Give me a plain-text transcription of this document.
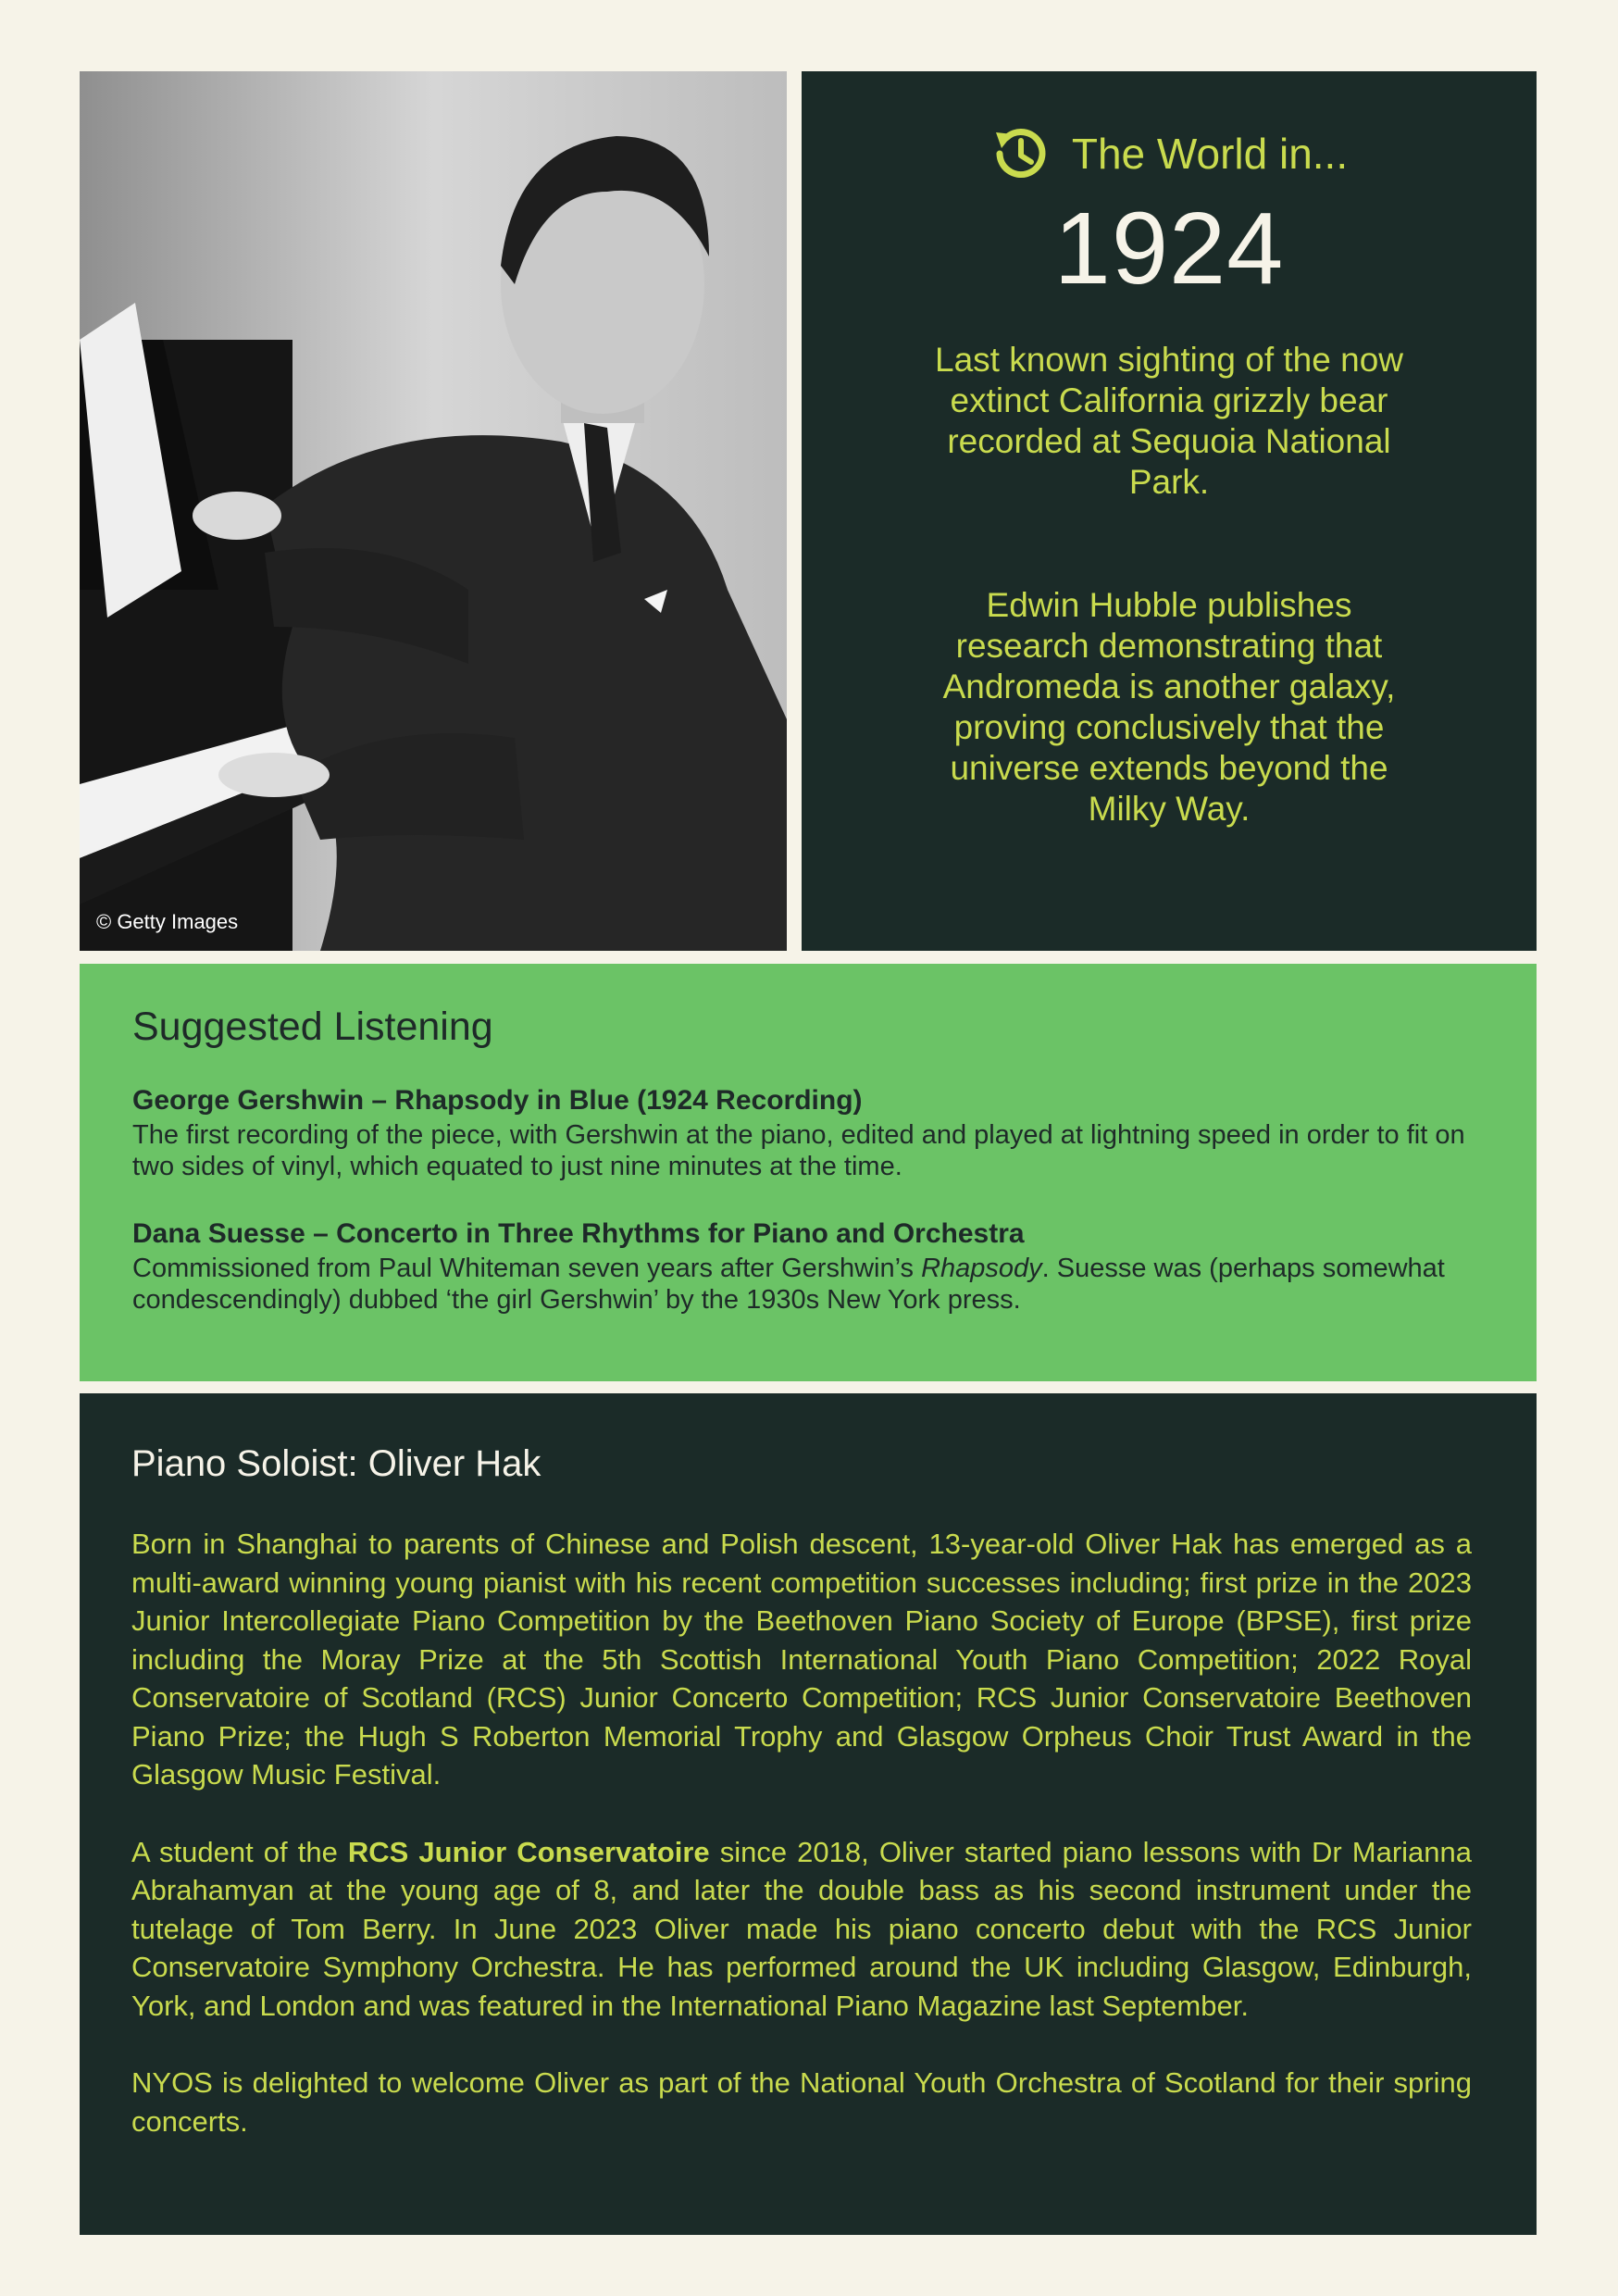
© Getty Images
The World in...
1924
Last known sighting of the now extinct California grizzly bear recorded at Sequoia National Park.
Edwin Hubble publishes research demonstrating that Andromeda is another galaxy, proving conclusively that the universe extends beyond the Milky Way.
Suggested Listening
George Gershwin – Rhapsody in Blue (1924 Recording)
The first recording of the piece, with Gershwin at the piano, edited and played at lightning speed in order to fit on two sides of vinyl, which equated to just nine minutes at the time.
Dana Suesse – Concerto in Three Rhythms for Piano and Orchestra
Commissioned from Paul Whiteman seven years after Gershwin’s Rhapsody. Suesse was (perhaps somewhat condescendingly) dubbed ‘the girl Gershwin’ by the 1930s New York press.
Piano Soloist: Oliver Hak

Born in Shanghai to parents of Chinese and Polish descent, 13-year-old Oliver Hak has emerged as a multi-award winning young pianist with his recent competition successes including; first prize in the 2023 Junior Intercollegiate Piano Competition by the Beethoven Piano Society of Europe (BPSE), first prize including the Moray Prize at the 5th Scottish International Youth Piano Competition; 2022 Royal Conservatoire of Scotland (RCS) Junior Concerto Competition; RCS Junior Conservatoire Beethoven Piano Prize; the Hugh S Roberton Memorial Trophy and Glasgow Orpheus Choir Trust Award in the Glasgow Music Festival.

A student of the RCS Junior Conservatoire since 2018, Oliver started piano lessons with Dr Marianna Abrahamyan at the young age of 8, and later the double bass as his second instrument under the tutelage of Tom Berry. In June 2023 Oliver made his piano concerto debut with the RCS Junior Conservatoire Symphony Orchestra. He has performed around the UK including Glasgow, Edinburgh, York, and London and was featured in the International Piano Magazine last September.

NYOS is delighted to welcome Oliver as part of the National Youth Orchestra of Scotland for their spring concerts.
